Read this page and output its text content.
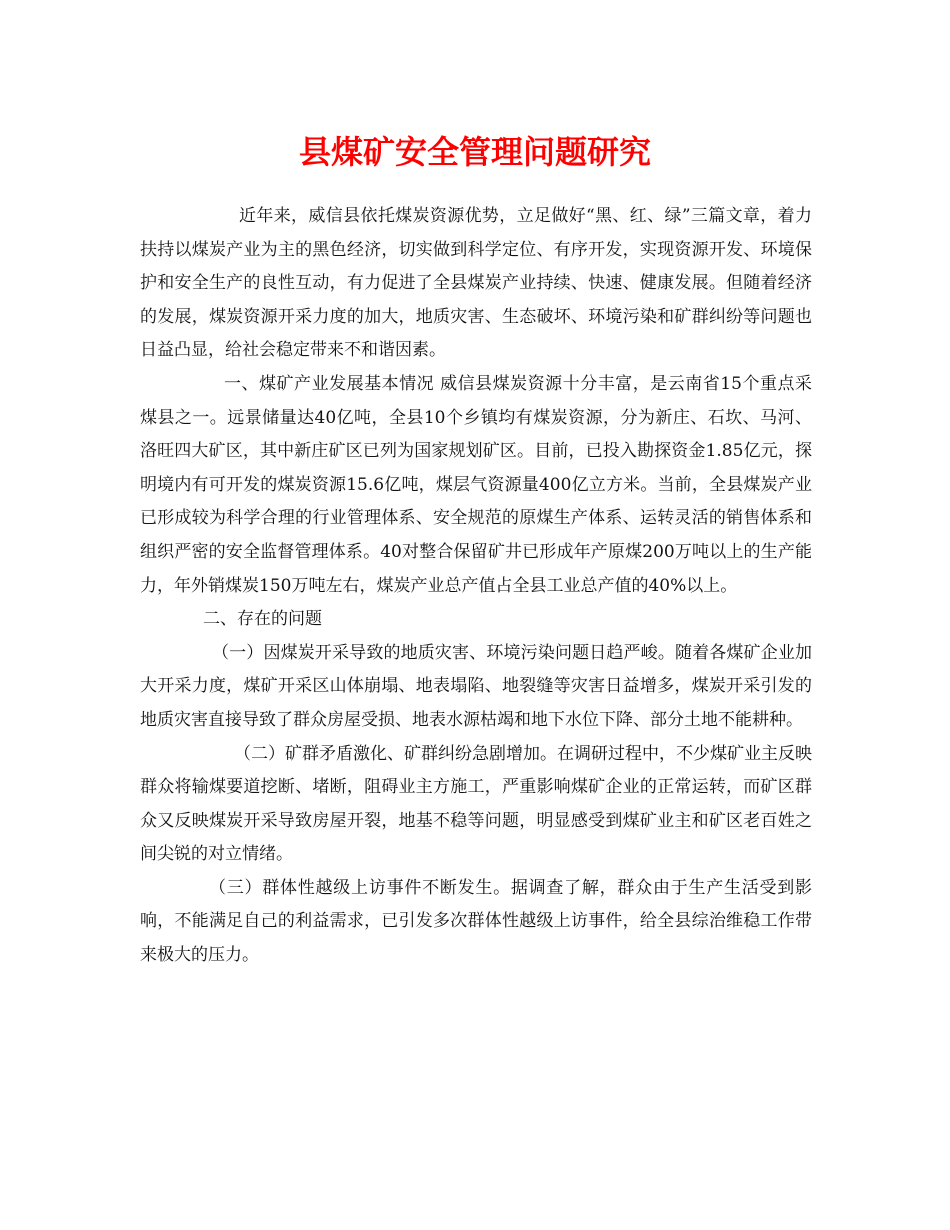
县煤矿安全管理问题研究

近年来，威信县依托煤炭资源优势，立足做好“黑、红、绿”三篇文章，着力扶持以煤炭产业为主的黑色经济，切实做到科学定位、有序开发，实现资源开发、环境保护和安全生产的良性互动，有力促进了全县煤炭产业持续、快速、健康发展。但随着经济的发展，煤炭资源开采力度的加大，地质灾害、生态破坏、环境污染和矿群纠纷等问题也日益凸显，给社会稳定带来不和谐因素。

一、煤矿产业发展基本情况 威信县煤炭资源十分丰富，是云南省15个重点采煤县之一。远景储量达40亿吨，全县10个乡镇均有煤炭资源，分为新庄、石坎、马河、洛旺四大矿区，其中新庄矿区已列为国家规划矿区。目前，已投入勘探资金1.85亿元，探明境内有可开发的煤炭资源15.6亿吨，煤层气资源量400亿立方米。当前，全县煤炭产业已形成较为科学合理的行业管理体系、安全规范的原煤生产体系、运转灵活的销售体系和组织严密的安全监督管理体系。40对整合保留矿井已形成年产原煤200万吨以上的生产能力，年外销煤炭150万吨左右，煤炭产业总产值占全县工业总产值的40%以上。

二、存在的问题

（一）因煤炭开采导致的地质灾害、环境污染问题日趋严峻。随着各煤矿企业加大开采力度，煤矿开采区山体崩塌、地表塌陷、地裂缝等灾害日益增多，煤炭开采引发的地质灾害直接导致了群众房屋受损、地表水源枯竭和地下水位下降、部分土地不能耕种。

（二）矿群矛盾激化、矿群纠纷急剧增加。在调研过程中，不少煤矿业主反映群众将输煤要道挖断、堵断，阻碍业主方施工，严重影响煤矿企业的正常运转，而矿区群众又反映煤炭开采导致房屋开裂，地基不稳等问题，明显感受到煤矿业主和矿区老百姓之间尖锐的对立情绪。

（三）群体性越级上访事件不断发生。据调查了解，群众由于生产生活受到影响，不能满足自己的利益需求，已引发多次群体性越级上访事件，给全县综治维稳工作带来极大的压力。
